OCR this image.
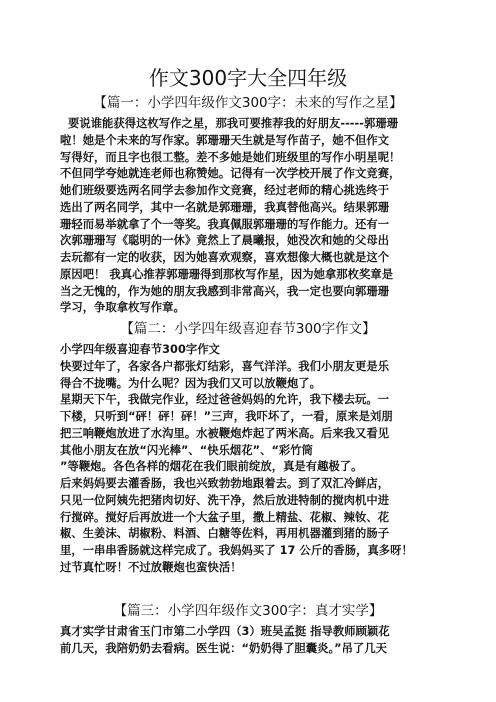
作文300字大全四年级
【篇一：小学四年级作文300字：未来的写作之星】
要说谁能获得这枚写作之星，那我可要推荐我的好朋友-----郭珊珊
啦！她是个未来的写作家。郭珊珊天生就是写作苗子，她不但作文
写得好，而且字也很工整。差不多她是她们班级里的写作小明星呢！
不但同学夸她就连老师也称赞她。记得有一次学校开展了作文竞赛，
她们班级要选两名同学去参加作文竞赛，经过老师的精心挑选终于
选出了两名同学，其中一名就是郭珊珊，我真替他高兴。结果郭珊
珊轻而易举就拿了个一等奖。我真佩服郭珊珊的写作能力。还有一
次郭珊珊写《聪明的一休》竟然上了晨曦报，她没次和她的父母出
去玩都有一定的收获，因为她喜欢观察，喜欢想像大概也就是这个
原因吧！ 我真心推荐郭珊珊得到那枚写作星，因为她拿那枚奖章是
当之无愧的，作为她的朋友我感到非常高兴，我一定也要向郭珊珊
学习，争取拿枚写作章。
【篇二：小学四年级喜迎春节300字作文】
小学四年级喜迎春节300字作文
快要过年了，各家各户都张灯结彩，喜气洋洋。我们小朋友更是乐
得合不拢嘴。为什么呢？因为我们又可以放鞭炮了。
星期天下午，我做完作业，经过爸爸妈妈的允许，我下楼去玩。一
下楼，只听到“砰！砰！砰！”三声，我吓坏了，一看，原来是刘朋
把三响鞭炮放进了水沟里。水被鞭炮炸起了两米高。后来我又看见
其他小朋友在放“闪光棒”、“快乐烟花”、“彩竹筒
”等鞭炮。各色各样的烟花在我们眼前绽放，真是有趣极了。
后来妈妈要去灌香肠，我也兴致勃勃地跟着去。到了双汇冷鲜店，
只见一位阿姨先把猪肉切好、洗干净，然后放进特制的搅肉机中进
行搅碎。搅好后再放进一个大盆子里，撒上精盐、花椒、辣钕、花
椒、生姜沫、胡椒粉、料酒、白糖等佐料，再用机器灌到猪的肠子
里，一串串香肠就这样完成了。我妈妈买了 17 公斤的香肠，真多呀！
过节真忙呀！不过放鞭炮也蛮快活！
【篇三：小学四年级作文300字：真才实学】
真才实学甘肃省玉门市第二小学四（3）班吴孟挺 指导教师顾颖花
前几天，我陪奶奶去看病。医生说：“奶奶得了胆囊炎。”吊了几天
